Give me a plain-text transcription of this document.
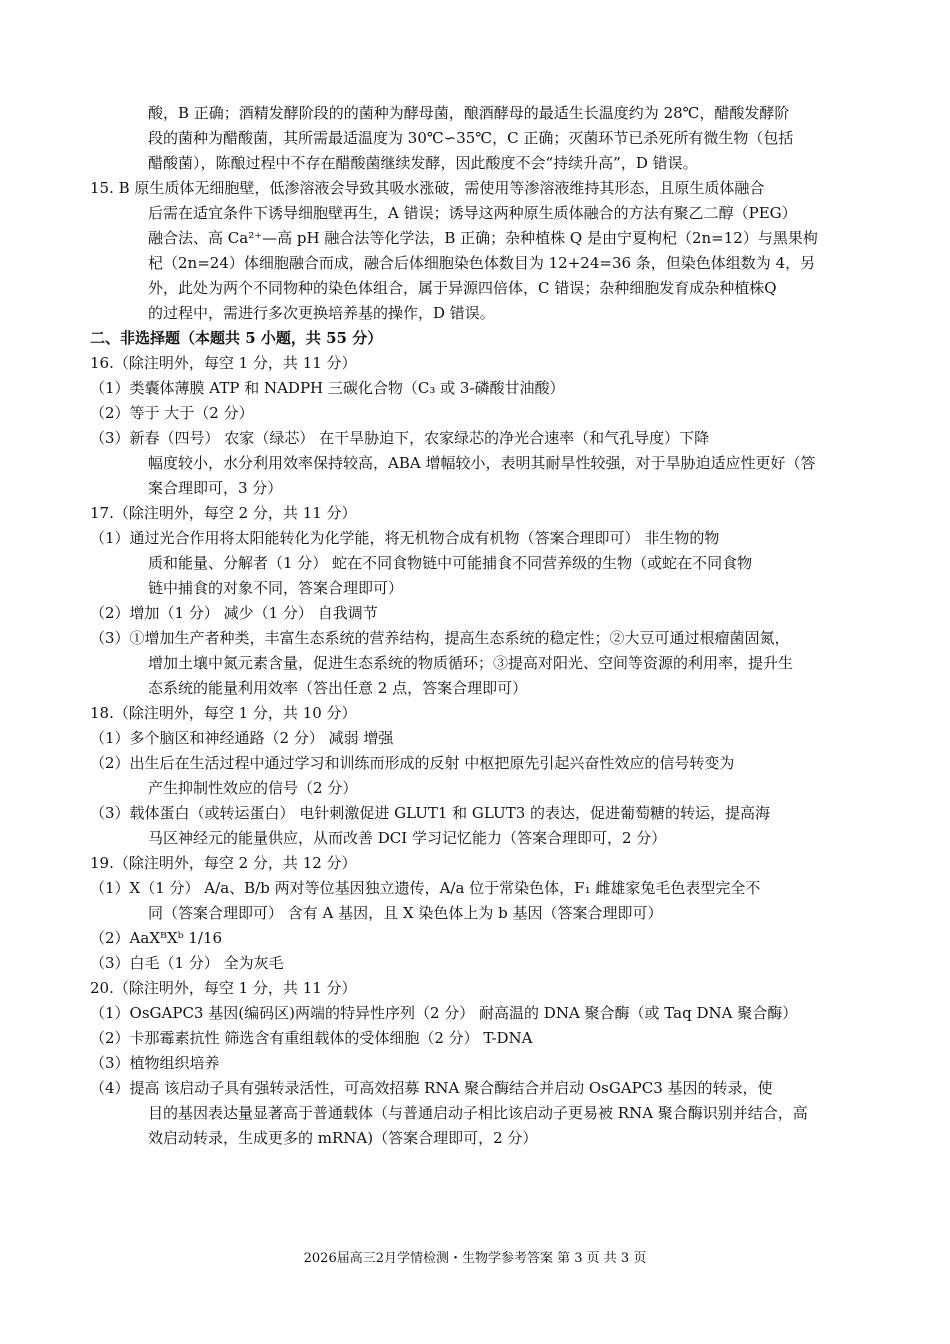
酸，B 正确；酒精发酵阶段的的菌种为酵母菌，酿酒酵母的最适生长温度约为 28℃，醋酸发酵阶
段的菌种为醋酸菌，其所需最适温度为 30℃∽35℃，C 正确；灭菌环节已杀死所有微生物（包括
醋酸菌），陈酿过程中不存在醋酸菌继续发酵，因此酸度不会“持续升高”，D 错误。
15. B 原生质体无细胞壁，低渗溶液会导致其吸水涨破，需使用等渗溶液维持其形态，且原生质体融合
后需在适宜条件下诱导细胞壁再生，A 错误；诱导这两种原生质体融合的方法有聚乙二醇（PEG）
融合法、高 Ca²⁺—高 pH 融合法等化学法，B 正确；杂种植株 Q 是由宁夏枸杞（2n=12）与黑果枸
杞（2n=24）体细胞融合而成，融合后体细胞染色体数目为 12+24=36 条，但染色体组数为 4，另
外，此处为两个不同物种的染色体组合，属于异源四倍体，C 错误；杂种细胞发育成杂种植株Q
的过程中，需进行多次更换培养基的操作，D 错误。
二、非选择题（本题共 5 小题，共 55 分）
16.（除注明外，每空 1 分，共 11 分）
（1）类囊体薄膜 ATP 和 NADPH 三碳化合物（C₃ 或 3-磷酸甘油酸）
（2）等于 大于（2 分）
（3）新春（四号） 农家（绿芯） 在干旱胁迫下，农家绿芯的净光合速率（和气孔导度）下降
幅度较小，水分利用效率保持较高，ABA 增幅较小，表明其耐旱性较强，对于旱胁迫适应性更好（答
案合理即可，3 分）
17.（除注明外，每空 2 分，共 11 分）
（1）通过光合作用将太阳能转化为化学能，将无机物合成有机物（答案合理即可） 非生物的物
质和能量、分解者（1 分） 蛇在不同食物链中可能捕食不同营养级的生物（或蛇在不同食物
链中捕食的对象不同，答案合理即可）
（2）增加（1 分） 减少（1 分） 自我调节
（3）①增加生产者种类，丰富生态系统的营养结构，提高生态系统的稳定性；②大豆可通过根瘤菌固氮，
增加土壤中氮元素含量，促进生态系统的物质循环；③提高对阳光、空间等资源的利用率，提升生
态系统的能量利用效率（答出任意 2 点，答案合理即可）
18.（除注明外，每空 1 分，共 10 分）
（1）多个脑区和神经通路（2 分） 减弱 增强
（2）出生后在生活过程中通过学习和训练而形成的反射 中枢把原先引起兴奋性效应的信号转变为
产生抑制性效应的信号（2 分）
（3）载体蛋白（或转运蛋白） 电针刺激促进 GLUT1 和 GLUT3 的表达，促进葡萄糖的转运，提高海
马区神经元的能量供应，从而改善 DCI 学习记忆能力（答案合理即可，2 分）
19.（除注明外，每空 2 分，共 12 分）
（1）X（1 分） A/a、B/b 两对等位基因独立遗传，A/a 位于常染色体，F₁ 雌雄家兔毛色表型完全不
同（答案合理即可） 含有 A 基因，且 X 染色体上为 b 基因（答案合理即可）
（2）AaXᴮXᵇ 1/16
（3）白毛（1 分） 全为灰毛
20.（除注明外，每空 1 分，共 11 分）
（1）OsGAPC3 基因(编码区)两端的特异性序列（2 分） 耐高温的 DNA 聚合酶（或 Taq DNA 聚合酶）
（2）卡那霉素抗性 筛选含有重组载体的受体细胞（2 分） T-DNA
（3）植物组织培养
（4）提高 该启动子具有强转录活性，可高效招募 RNA 聚合酶结合并启动 OsGAPC3 基因的转录，使
目的基因表达量显著高于普通载体（与普通启动子相比该启动子更易被 RNA 聚合酶识别并结合，高
效启动转录，生成更多的 mRNA)（答案合理即可，2 分）
2026届高三2月学情检测・生物学参考答案 第 3 页 共 3 页
